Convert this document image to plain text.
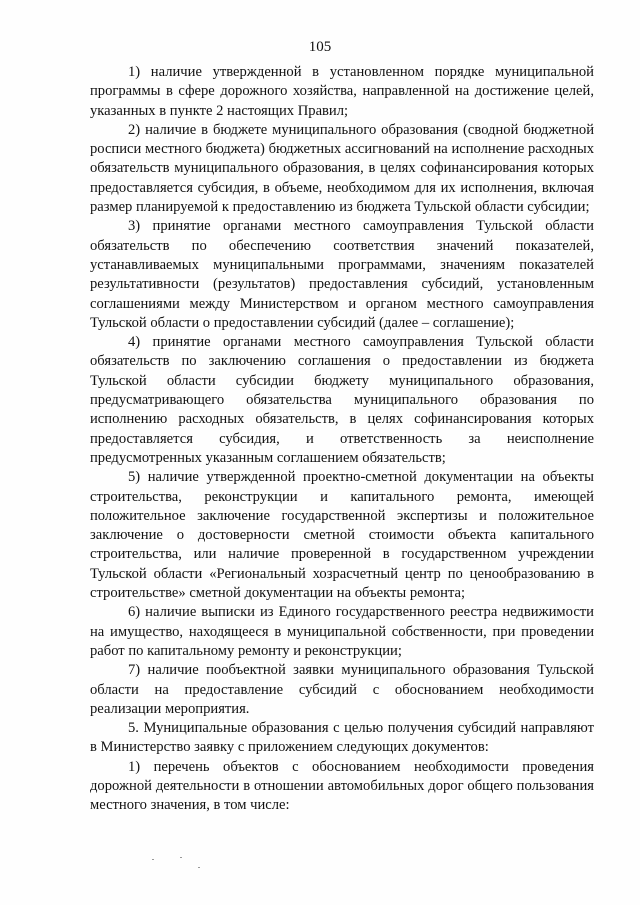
105

1) наличие утвержденной в установленном порядке муниципальной программы в сфере дорожного хозяйства, направленной на достижение целей, указанных в пункте 2 настоящих Правил;

2) наличие в бюджете муниципального образования (сводной бюджетной росписи местного бюджета) бюджетных ассигнований на исполнение расходных обязательств муниципального образования, в целях софинансирования которых предоставляется субсидия, в объеме, необходимом для их исполнения, включая размер планируемой к предоставлению из бюджета Тульской области субсидии;

3) принятие органами местного самоуправления Тульской области обязательств по обеспечению соответствия значений показателей, устанавливаемых муниципальными программами, значениям показателей результативности (результатов) предоставления субсидий, установленным соглашениями между Министерством и органом местного самоуправления Тульской области о предоставлении субсидий (далее – соглашение);

4) принятие органами местного самоуправления Тульской области обязательств по заключению соглашения о предоставлении из бюджета Тульской области субсидии бюджету муниципального образования, предусматривающего обязательства муниципального образования по исполнению расходных обязательств, в целях софинансирования которых предоставляется субсидия, и ответственность за неисполнение предусмотренных указанным соглашением обязательств;

5) наличие утвержденной проектно-сметной документации на объекты строительства, реконструкции и капитального ремонта, имеющей положительное заключение государственной экспертизы и положительное заключение о достоверности сметной стоимости объекта капитального строительства, или наличие проверенной в государственном учреждении Тульской области «Региональный хозрасчетный центр по ценообразованию в строительстве» сметной документации на объекты ремонта;

6) наличие выписки из Единого государственного реестра недвижимости на имущество, находящееся в муниципальной собственности, при проведении работ по капитальному ремонту и реконструкции;

7) наличие пообъектной заявки муниципального образования Тульской области на предоставление субсидий с обоснованием необходимости реализации мероприятия.

5. Муниципальные образования с целью получения субсидий направляют в Министерство заявку с приложением следующих документов:

1) перечень объектов с обоснованием необходимости проведения дорожной деятельности в отношении автомобильных дорог общего пользования местного значения, в том числе:
